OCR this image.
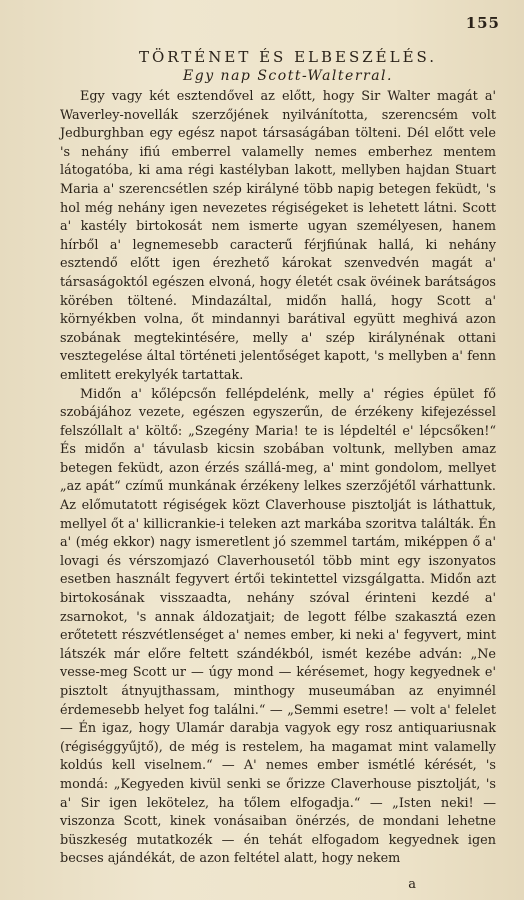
155
TÖRTÉNET ÉS ELBESZÉLÉS.
Egy nap Scott-Walterral.

Egy vagy két esztendővel az előtt, hogy Sir Walter magát a' Waverley-novellák szerzőjének nyilvánította, szerencsém volt Jedburghban egy egész napot társaságában tölteni. Dél előtt vele 's nehány ifiú emberrel valamelly nemes emberhez mentem látogatóba, ki ama régi kastélyban lakott, mellyben hajdan Stuart Maria a' szerencsétlen szép királyné több napig betegen feküdt, 's hol még nehány igen nevezetes régiségeket is lehetett látni. Scott a' kastély birtokosát nem ismerte ugyan személyesen, hanem hírből a' legnemesebb caracterű férjfiúnak hallá, ki nehány esztendő előtt igen érezhető károkat szenvedvén magát a' társaságoktól egészen elvoná, hogy életét csak övéinek barátságos körében töltené. Mindazáltal, midőn hallá, hogy Scott a' környékben volna, őt mindannyi barátival együtt meghivá azon szobának megtekintésére, melly a' szép királynénak ottani vesztegelése által történeti jelentőséget kapott, 's mellyben a' fenn emlitett erekylyék tartattak.

Midőn a' kőlépcsőn fellépdelénk, melly a' régies épület fő szobájához vezete, egészen egyszerűn, de érzékeny kifejezéssel felszóllalt a' költő: „Szegény Maria! te is lépdeltél e' lépcsőken!“ És midőn a' távulasb kicsin szobában voltunk, mellyben amaz betegen feküdt, azon érzés szállá-meg, a' mint gondolom, mellyet „az apát“ czímű munkának érzékeny lelkes szerzőjétől várhattunk. Az előmutatott régiségek közt Claverhouse pisztolját is láthattuk, mellyel őt a' killicrankie-i teleken azt markába szoritva találták. Én a' (még ekkor) nagy ismeretlent jó szemmel tartám, miképpen ő a' lovagi és vérszomjazó Claverhousetól több mint egy iszonyatos esetben használt fegyvert értői tekintettel vizsgálgatta. Midőn azt birtokosának visszaadta, nehány szóval érinteni kezdé a' zsarnokot, 's annak áldozatjait; de legott félbe szakasztá ezen erőtetett részvétlenséget a' nemes ember, ki neki a' fegyvert, mint látszék már előre feltett szándékból, ismét kezébe adván: „Ne vesse-meg Scott ur — úgy mond — kérésemet, hogy kegyednek e' pisztolt átnyujthassam, minthogy museumában az enyimnél érdemesebb helyet fog találni.“ — „Semmi esetre! — volt a' felelet — Én igaz, hogy Ulamár darabja vagyok egy rosz antiquariusnak (régiséggyűjtő), de még is restelem, ha magamat mint valamelly koldús kell viselnem.“ — A' nemes ember ismétlé kérését, 's mondá: „Kegyeden kivül senki se őrizze Claverhouse pisztolját, 's a' Sir igen lekötelez, ha tőlem elfogadja.“ — „Isten neki! — viszonza Scott, kinek vonásaiban önérzés, de mondani lehetne büszkeség mutatkozék — én tehát elfogadom kegyednek igen becses ajándékát, de azon feltétel alatt, hogy nekem

a
